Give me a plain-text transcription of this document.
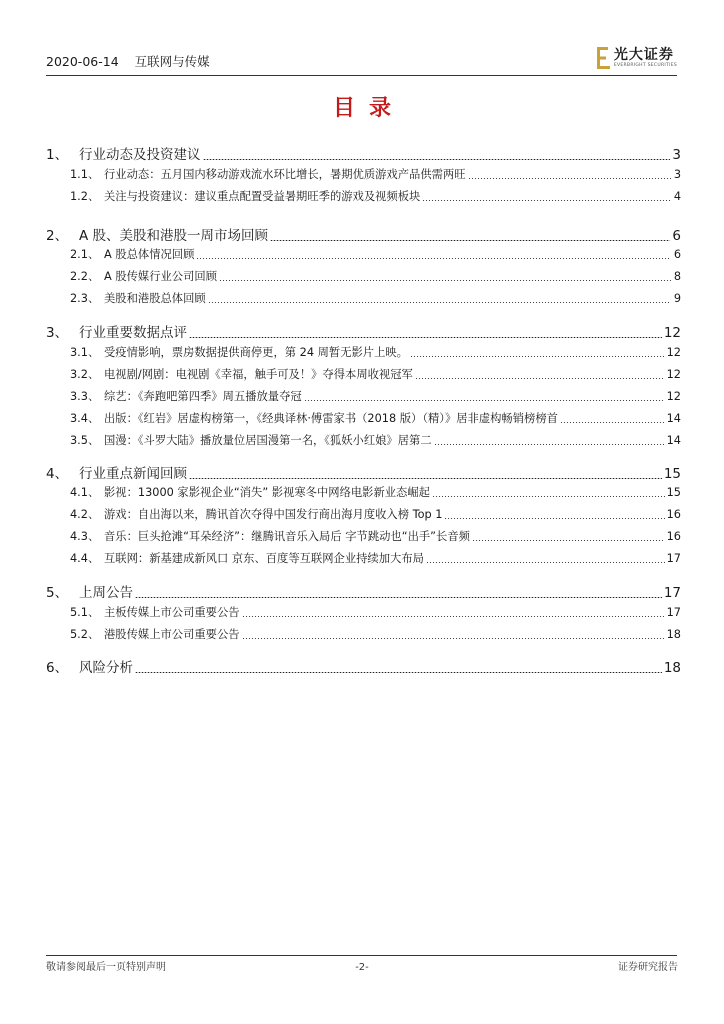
2020-06-14 互联网与传媒	光大证券
EVERBRIGHT SECURITIES
目录
1、 行业动态及投资建议	3
1.1、 行业动态：五月国内移动游戏流水环比增长，暑期优质游戏产品供需两旺	3
1.2、 关注与投资建议：建议重点配置受益暑期旺季的游戏及视频板块	4
2、 A 股、美股和港股一周市场回顾	6
2.1、 A 股总体情况回顾	6
2.2、 A 股传媒行业公司回顾	8
2.3、 美股和港股总体回顾	9
3、 行业重要数据点评	12
3.1、 受疫情影响，票房数据提供商停更，第 24 周暂无影片上映。	12
3.2、 电视剧/网剧：电视剧《幸福，触手可及！》夺得本周收视冠军	12
3.3、 综艺：《奔跑吧第四季》周五播放量夺冠	12
3.4、 出版：《红岩》居虚构榜第一，《经典译林·傅雷家书（2018 版）（精）》居非虚构畅销榜榜首	14
3.5、 国漫：《斗罗大陆》播放量位居国漫第一名，《狐妖小红娘》居第二	14
4、 行业重点新闻回顾	15
4.1、 影视：13000 家影视企业“消失” 影视寒冬中网络电影新业态崛起	15
4.2、 游戏：自出海以来，腾讯首次夺得中国发行商出海月度收入榜 Top 1	16
4.3、 音乐：巨头抢滩“耳朵经济”：继腾讯音乐入局后 字节跳动也“出手”长音频	16
4.4、 互联网：新基建成新风口 京东、百度等互联网企业持续加大布局	17
5、 上周公告	17
5.1、 主板传媒上市公司重要公告	17
5.2、 港股传媒上市公司重要公告	18
6、 风险分析	18
敬请参阅最后一页特别声明	-2-	证券研究报告
